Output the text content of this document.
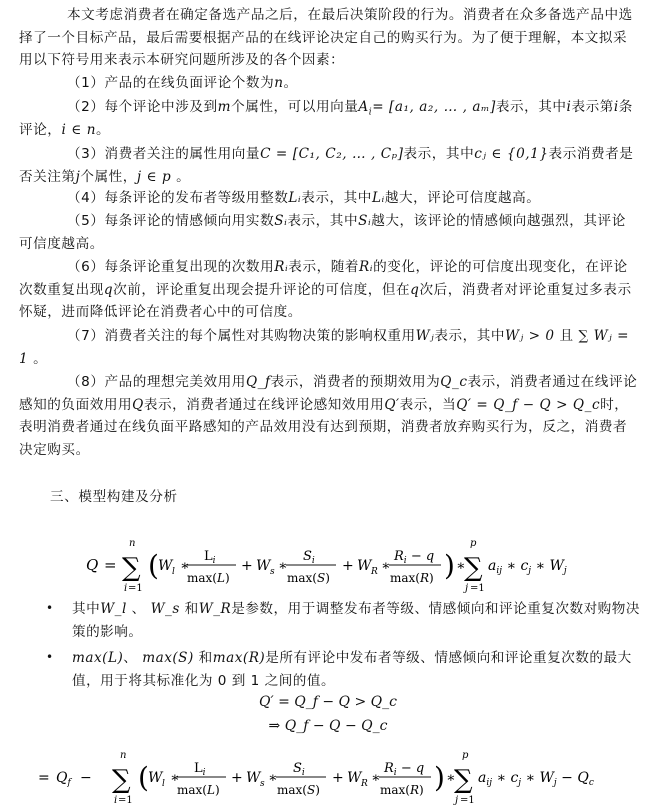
本文考虑消费者在确定备选产品之后，在最后决策阶段的行为。消费者在众多备选产品中选择了一个目标产品，最后需要根据产品的在线评论决定自己的购买行为。为了便于理解，本文拟采用以下符号用来表示本研究问题所涉及的各个因素：

（1）产品的在线负面评论个数为n。

（2）每个评论中涉及到m个属性，可以用向量$A_i= [a_1$, a₂, … , aₘ]表示，其中i表示第i条评论，i ∈ n。

（3）消费者关注的属性用向量C = [C₁, C₂, … , Cₚ]表示，其中cⱼ ∈ {0,1}表示消费者是否关注第j个属性，j ∈ p 。

（4）每条评论的发布者等级用整数Lᵢ表示，其中Lᵢ越大，评论可信度越高。

（5）每条评论的情感倾向用实数Sᵢ表示，其中Sᵢ越大，该评论的情感倾向越强烈，其评论可信度越高。

（6）每条评论重复出现的次数用Rᵢ表示，随着Rᵢ的变化，评论的可信度出现变化，在评论次数重复出现q次前，评论重复出现会提升评论的可信度，但在q次后，消费者对评论重复过多表示怀疑，进而降低评论在消费者心中的可信度。

（7）消费者关注的每个属性对其购物决策的影响权重用Wⱼ表示，其中Wⱼ > 0 且 ∑ Wⱼ = 1 。

（8）产品的理想完美效用用Q_f表示，消费者的预期效用为Q_c表示，消费者通过在线评论感知的负面效用用Q表示，消费者通过在线评论感知效用用Q′表示，当Q′ = Q_f − Q > Q_c时，表明消费者通过在线负面平路感知的产品效用没有达到预期，消费者放弃购买行为，反之，消费者决定购买。

三、模型构建及分析
Q =
n
∑
i =1
( W l ∗
$L_i$
max(L)
+ W s ∗
$S_i$
max(S)
+ W R ∗
$R_i - q$
max(R) ) ∗
p
∑
j =1
$a_{ij}$ ∗ $c_j$ ∗ $W_j$
• 其中W_l 、 W_s 和W_R是参数，用于调整发布者等级、情感倾向和评论重复次数对购物决策的影响。

• max(L)、 max(S) 和max(R)是所有评论中发布者等级、情感倾向和评论重复次数的最大值，用于将其标准化为 0 到 1 之间的值。

Q′ = Q_f − Q > Q_c
⇒ Q_f − Q − Q_c
= $Q_f$ −
n
∑
i =1
( W l ∗
$L_i$
max(L)
+ W s ∗
$S_i$
max(S)
+ W R ∗
$R_i - q$
max(R) ) ∗
p
∑
j =1
$a_{ij}$ ∗ $c_j$ ∗ $W_j - Q_c$
